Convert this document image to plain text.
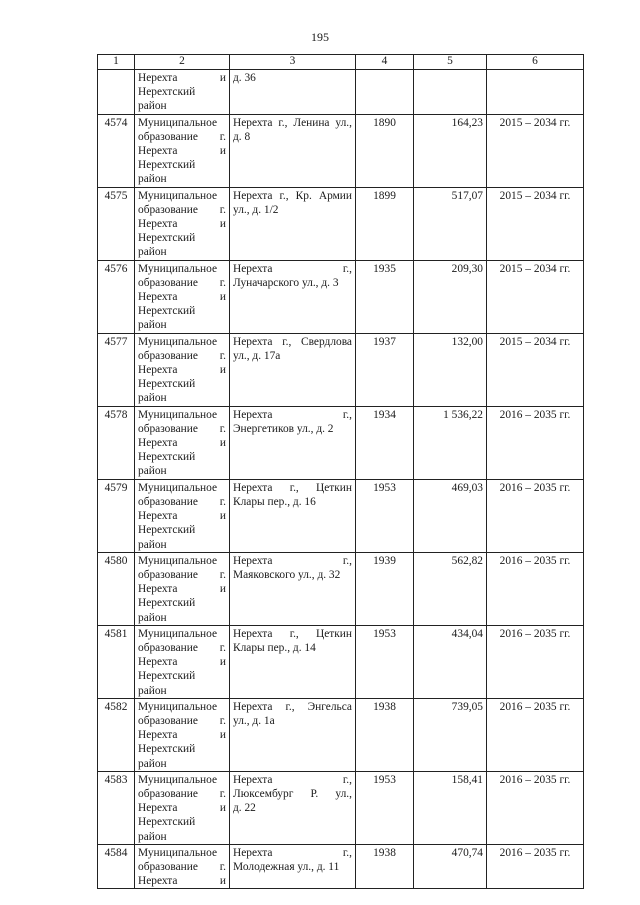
195
1	2	3	4	5	6

	Нерехта и
Нерехтский
район	д. 36			

4574	Муниципальное
образование г.
Нерехта и
Нерехтский
район	Нерехта г., Ленина ул.,
д. 8	1890	164,23	2015 – 2034 гг.
4575	Муниципальное
образование г.
Нерехта и
Нерехтский
район	Нерехта г., Кр. Армии
ул., д. 1/2	1899	517,07	2015 – 2034 гг.
4576	Муниципальное
образование г.
Нерехта и
Нерехтский
район	Нерехта г.,
Луначарского ул., д. 3	1935	209,30	2015 – 2034 гг.
4577	Муниципальное
образование г.
Нерехта и
Нерехтский
район	Нерехта г., Свердлова
ул., д. 17а	1937	132,00	2015 – 2034 гг.
4578	Муниципальное
образование г.
Нерехта и
Нерехтский
район	Нерехта г.,
Энергетиков ул., д. 2	1934	1 536,22	2016 – 2035 гг.
4579	Муниципальное
образование г.
Нерехта и
Нерехтский
район	Нерехта г., Цеткин
Клары пер., д. 16	1953	469,03	2016 – 2035 гг.
4580	Муниципальное
образование г.
Нерехта и
Нерехтский
район	Нерехта г.,
Маяковского ул., д. 32	1939	562,82	2016 – 2035 гг.
4581	Муниципальное
образование г.
Нерехта и
Нерехтский
район	Нерехта г., Цеткин
Клары пер., д. 14	1953	434,04	2016 – 2035 гг.
4582	Муниципальное
образование г.
Нерехта и
Нерехтский
район	Нерехта г., Энгельса
ул., д. 1а	1938	739,05	2016 – 2035 гг.
4583	Муниципальное
образование г.
Нерехта и
Нерехтский
район	Нерехта г.,
Люксембург Р. ул.,
д. 22	1953	158,41	2016 – 2035 гг.
4584	Муниципальное
образование г.
Нерехта и	Нерехта г.,
Молодежная ул., д. 11	1938	470,74	2016 – 2035 гг.
